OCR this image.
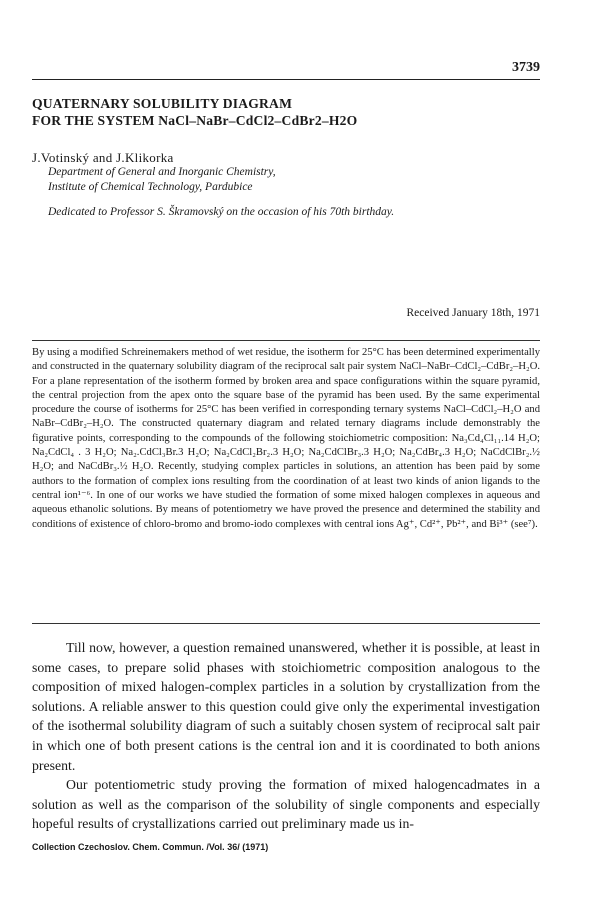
3739
QUATERNARY SOLUBILITY DIAGRAM
FOR THE SYSTEM NaCl–NaBr–CdCl2–CdBr2–H2O
J.Votinský and J.Klikorka
Department of General and Inorganic Chemistry,
Institute of Chemical Technology, Pardubice
Dedicated to Professor S. Škramovský on the occasion of his 70th birthday.
Received January 18th, 1971

By using a modified Schreinemakers method of wet residue, the isotherm for 25°C has been determined experimentally and constructed in the quaternary solubility diagram of the reciprocal salt pair system NaCl–NaBr–CdCl₂–CdBr₂–H₂O. For a plane representation of the isotherm formed by broken area and space configurations within the square pyramid, the central projection from the apex onto the square base of the pyramid has been used. By the same experimental procedure the course of isotherms for 25°C has been verified in corresponding ternary systems NaCl–CdCl₂–H₂O and NaBr–CdBr₂–H₂O. The constructed quaternary diagram and related ternary diagrams include demonstrably the figurative points, corresponding to the compounds of the following stoichiometric composition: Na₃Cd₄Cl₁₁.14 H₂O; Na₂CdCl₄ . 3 H₂O; Na₂.CdCl₃Br.3 H₂O; Na₂CdCl₂Br₂.3 H₂O; Na₂CdClBr₃.3 H₂O; Na₂CdBr₄.3 H₂O; NaCdClBr₂.½ H₂O; and NaCdBr₃.½ H₂O. Recently, studying complex particles in solutions, an attention has been paid by some authors to the formation of complex ions resulting from the coordination of at least two kinds of anion ligands to the central ion¹⁻⁶. In one of our works we have studied the formation of some mixed halogen complexes in aqueous and aqueous ethanolic solutions. By means of potentiometry we have proved the presence and determined the stability and conditions of existence of chloro-bromo and bromo-iodo complexes with central ions Ag⁺, Cd²⁺, Pb²⁺, and Bi³⁺ (see⁷).

Till now, however, a question remained unanswered, whether it is possible, at least in some cases, to prepare solid phases with stoichiometric composition analogous to the composition of mixed halogen-complex particles in a solution by crystallization from the solutions. A reliable answer to this question could give only the experimental investigation of the isothermal solubility diagram of such a suitably chosen system of reciprocal salt pair in which one of both present cations is the central ion and it is coordinated to both anions present.

Our potentiometric study proving the formation of mixed halogencadmates in a solution as well as the comparison of the solubility of single components and especially hopeful results of crystallizations carried out preliminary made us in-

Collection Czechoslov. Chem. Commun. /Vol. 36/ (1971)
